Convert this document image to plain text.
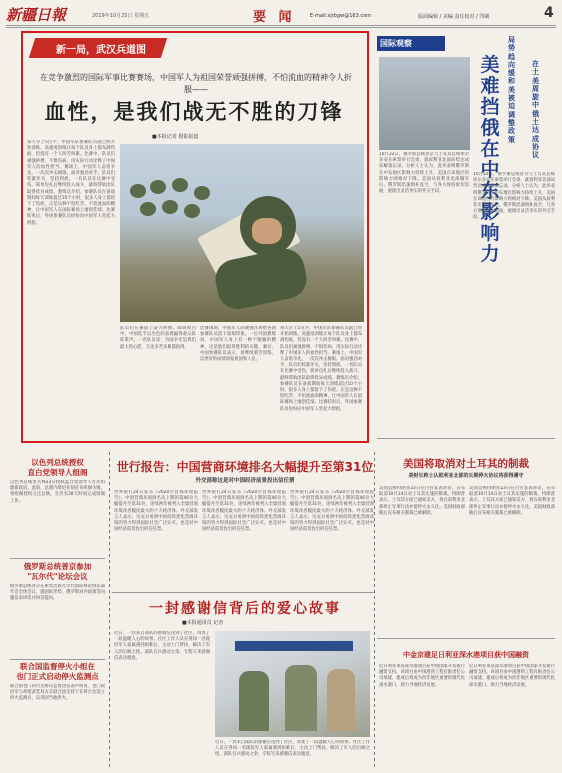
新疆日報	2019年10月25日 星期五	要 闻	E-mail:xjrbgw@163.com	版面编辑 / 美编 责任校对 / 印制	4
新一局，武汉兵道图
在竞争激烈的国际军事比赛赛场，中国军人为祖国荣誉顽强拼搏，不怕流血的精神令人折服——
血性，是我们战无不胜的刀锋
■本报记者 摄影报道
每天早上5点半，中国军队参赛队员就已经开始训练。高强度训练让每个队员身上都布满伤痕，但没有一个人叫苦叫累。比赛中，队员们顽强拼搏，不惧伤病，用实际行动诠释了中国军人的血性担当。赛场上，中国军人奋勇争先，一次次冲击极限。面对强劲对手，队员们咬紧牙关，坚持到底。一名队员在比赛中受伤，简单包扎后继续投入战斗，最终帮助团队取得优异成绩。教练员介绍，参赛队员在备战期间每天训练超过10个小时，很多人身上都留下了伤疤。正是这种不怕吃苦、不怕流血的精神，让中国军人在国际赛场上屡创佳绩。比赛结束后，外国参赛队员纷纷向中国军人竖起大拇指。
队员们在赛道上奋力拼搏。障碍项目中，中国选手以出色的表现赢得观众阵阵掌声。一名队员说：为国争光是我们最大的心愿，无论多苦多累都值得。
比赛现场，中国军人的顽强作风给各国参赛队员留下深刻印象。一位外国教练说，中国军人身上有一种不服输的精神，这是他们取得胜利的关键。赛后，中国参赛队员表示，将继续刻苦训练，以更好的成绩回报祖国和人民。
每天早上5点半，中国军队参赛队员就已经开始训练。高强度训练让每个队员身上都布满伤痕，但没有一个人叫苦叫累。比赛中，队员们顽强拼搏，不惧伤病，用实际行动诠释了中国军人的血性担当。赛场上，中国军人奋勇争先，一次次冲击极限。面对强劲对手，队员们咬紧牙关，坚持到底。一名队员在比赛中受伤，简单包扎后继续投入战斗，最终帮助团队取得优异成绩。教练员介绍，参赛队员在备战期间每天训练超过10个小时，很多人身上都留下了伤疤。正是这种不怕吃苦、不怕流血的精神，让中国军人在国际赛场上屡创佳绩。比赛结束后，外国参赛队员纷纷向中国军人竖起大拇指。
以色列总统授权
直白党领导人组阁
以色列总统里夫林23日授权蓝白党领导人甘茨组建新政府。此前，总理内塔尼亚胡宣布组阁失败，将组阁授权交还总统。甘茨有28天时间完成组阁工作。
俄罗斯总统普京参加
"瓦尔代"论坛会议
俄罗斯总统普京在索契出席瓦尔代国际辩论俱乐部年会全体会议，就国际形势、俄罗斯对外政策等问题发表讲话并回答提问。
联合国监督停火小组在
也门正式启动停火监测点
联合国也门荷台达协议监督团发表声明说，也门政府军与胡塞武装双方在联合国支持下在荷台达设立停火监测点，以巩固当地停火。
世行报告：中国营商环境排名大幅提升至第31位
外交部称这是对中国经济前景投出信任票
世界银行24日发布《2020年营商环境报告》，中国营商环境排名从上期的第46位大幅提升至第31位，连续两年被列入全球营商环境改善幅度最大的十大经济体。外交部发言人表示，这充分说明中国持续优化营商环境的努力得到国际社会广泛认可，也是对中国经济前景投出的信任票。
世界银行24日发布《2020年营商环境报告》，中国营商环境排名从上期的第46位大幅提升至第31位，连续两年被列入全球营商环境改善幅度最大的十大经济体。外交部发言人表示，这充分说明中国持续优化营商环境的努力得到国际社会广泛认可，也是对中国经济前景投出的信任票。
世界银行24日发布《2020年营商环境报告》，中国营商环境排名从上期的第46位大幅提升至第31位，连续两年被列入全球营商环境改善幅度最大的十大经济体。外交部发言人表示，这充分说明中国持续优化营商环境的努力得到国际社会广泛认可，也是对中国经济前景投出的信任票。
一封感谢信背后的爱心故事
■本报通讯员 记者
近日，一封来自部队的感谢信送到了社区，讲述了一段温暖人心的故事。社区工作人员在得知一名现役军人家属遇到困难后，主动上门帮扶，解决了军人的后顾之忧。部队官兵感动之余，专程写来感谢信表达谢意。
近日，一封来自部队的感谢信送到了社区，讲述了一段温暖人心的故事。社区工作人员在得知一名现役军人家属遇到困难后，主动上门帮扶，解决了军人的后顾之忧。部队官兵感动之余，专程写来感谢信表达谢意。
国际观察	局势趋向缓和美被迫调整政策
美难挡俄在中东影响力
在土美周旋中俄土达成协议
10月22日，俄罗斯总统普京与土耳其总统埃尔多安在索契举行会谈，就叙利亚北部局势达成谅解备忘录。分析人士认为，此举表明俄罗斯在中东地区影响力持续上升，美国在该地区的影响力则相对下降。美国从叙利亚北部撤军后，俄罗斯迅速填补真空，与各方保持密切沟通，展现出灵活务实的外交手段。
10月22日，俄罗斯总统普京与土耳其总统埃尔多安在索契举行会谈，就叙利亚北部局势达成谅解备忘录。分析人士认为，此举表明俄罗斯在中东地区影响力持续上升，美国在该地区的影响力则相对下降。美国从叙利亚北部撤军后，俄罗斯迅速填补真空，与各方保持密切沟通，展现出灵活务实的外交手段。
美国将取消对土耳其的制裁
美财长称土认叙利亚北部的长期停火协议将获得遵守
美国总统特朗普23日在白宫发表讲话，宣布取消10月14日对土耳其实施的制裁。特朗普表示，土耳其方面已通知美方，将在叙利亚北部停止军事行动并使停火永久化。美国财政部随后宣布相关制裁已被解除。
美国总统特朗普23日在白宫发表讲话，宣布取消10月14日对土耳其实施的制裁。特朗普表示，土耳其方面已通知美方，将在叙利亚北部停止军事行动并使停火永久化。美国财政部随后宣布相关制裁已被解除。
中金京建足日利亚深水港项目获中国融资
尼日利亚莱基深水港项目获中国国家开发银行融资支持。该项目由中国港湾工程有限责任公司承建，建成后将成为西非地区重要的现代化深水港口，助力当地经济发展。
尼日利亚莱基深水港项目获中国国家开发银行融资支持。该项目由中国港湾工程有限责任公司承建，建成后将成为西非地区重要的现代化深水港口，助力当地经济发展。
